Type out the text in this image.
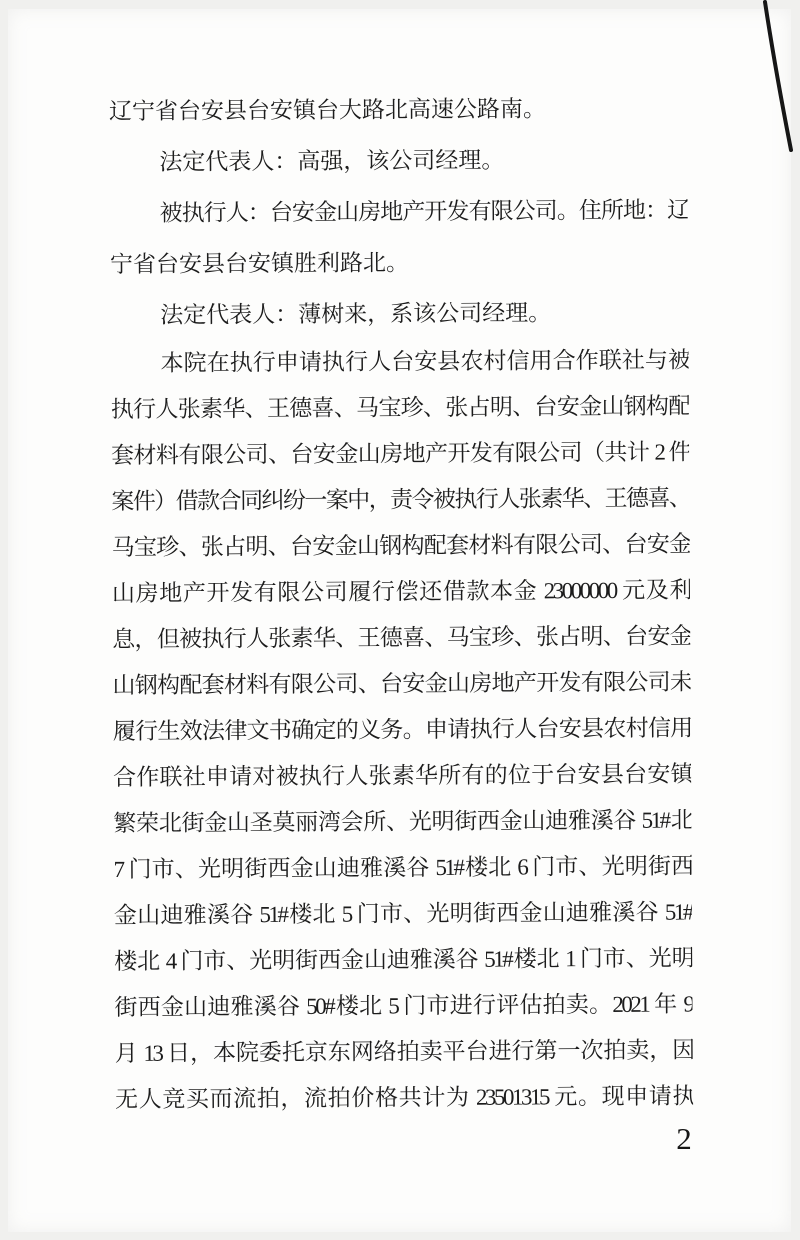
辽宁省台安县台安镇台大路北高速公路南。
法定代表人：高强，该公司经理。
被执行人：台安金山房地产开发有限公司。住所地：辽
宁省台安县台安镇胜利路北。
法定代表人：薄树来，系该公司经理。
本院在执行申请执行人台安县农村信用合作联社与被
执行人张素华、王德喜、马宝珍、张占明、台安金山钢构配
套材料有限公司、台安金山房地产开发有限公司（共计 2 件
案件）借款合同纠纷一案中，责令被执行人张素华、王德喜、
马宝珍、张占明、台安金山钢构配套材料有限公司、台安金
山房地产开发有限公司履行偿还借款本金 23000000 元及利
息，但被执行人张素华、王德喜、马宝珍、张占明、台安金
山钢构配套材料有限公司、台安金山房地产开发有限公司未
履行生效法律文书确定的义务。申请执行人台安县农村信用
合作联社申请对被执行人张素华所有的位于台安县台安镇
繁荣北街金山圣莫丽湾会所、光明街西金山迪雅溪谷 51#北
7 门市、光明街西金山迪雅溪谷 51#楼北 6 门市、光明街西
金山迪雅溪谷 51#楼北 5 门市、光明街西金山迪雅溪谷 51#
楼北 4 门市、光明街西金山迪雅溪谷 51#楼北 1 门市、光明
街西金山迪雅溪谷 50#楼北 5 门市进行评估拍卖。2021 年 9
月 13 日，本院委托京东网络拍卖平台进行第一次拍卖，因
无人竞买而流拍，流拍价格共计为 23501315 元。现申请执
2
